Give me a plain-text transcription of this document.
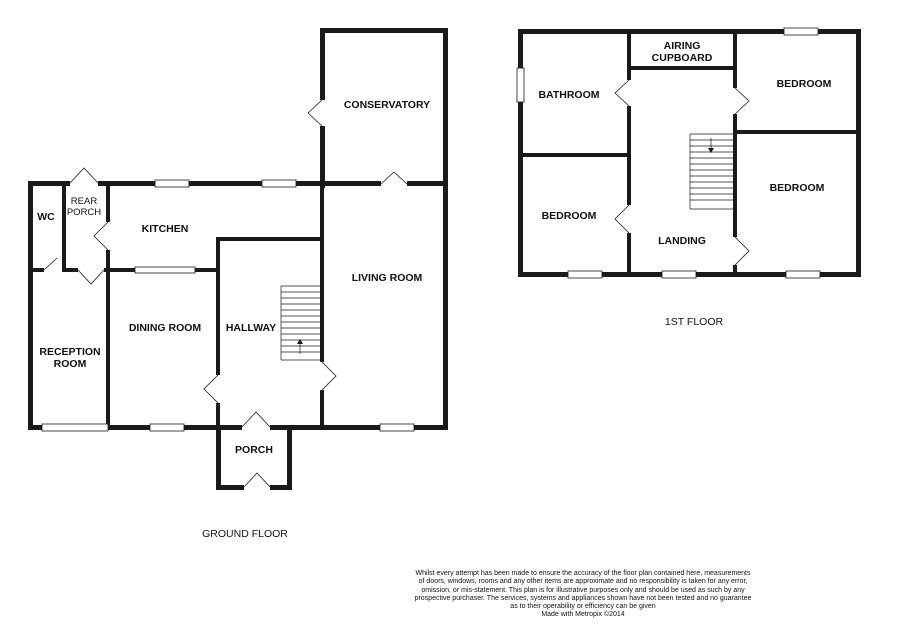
WC
REAR
PORCH
KITCHEN
CONSERVATORY
RECEPTION
ROOM
DINING ROOM HALLWAY
LIVING ROOM
PORCH
GROUND FLOOR
AIRING
CUPBOARD
BATHROOM
BEDROOM
BEDROOM
BEDROOM
LANDING
1ST FLOOR
Whilst every attempt has been made to ensure the accuracy of the floor plan contained here, measurements
of doors, windows, rooms and any other items are approximate and no responsibility is taken for any error,
omission, or mis-statement. This plan is for illustrative purposes only and should be used as such by any
prospective purchaser. The services, systems and appliances shown have not been tested and no guarantee
as to their operability or efficiency can be given
Made with Metropix ©2014
